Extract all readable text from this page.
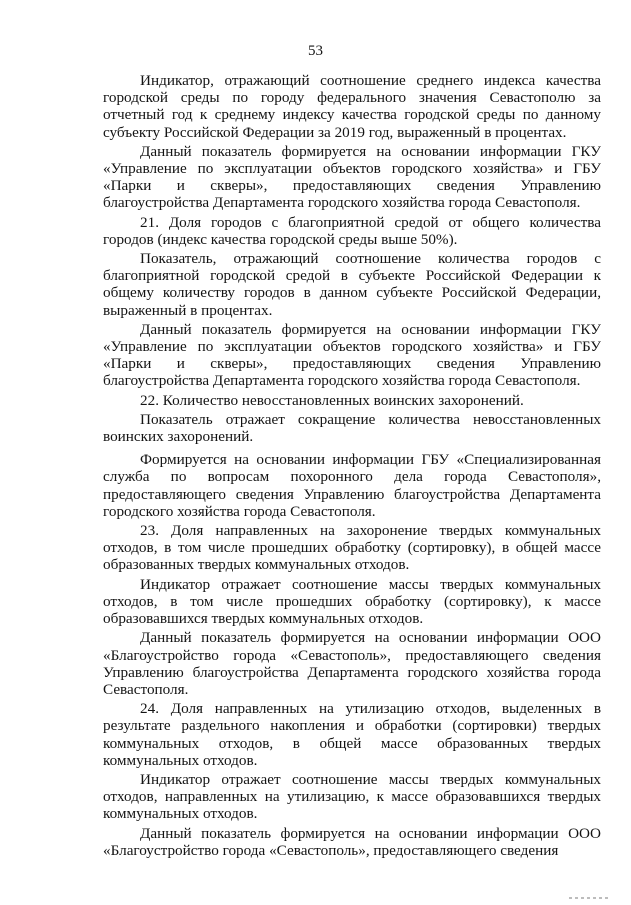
53

Индикатор, отражающий соотношение среднего индекса качества городской среды по городу федерального значения Севастополю за отчетный год к среднему индексу качества городской среды по данному субъекту Российской Федерации за 2019 год, выраженный в процентах.

Данный показатель формируется на основании информации ГКУ «Управление по эксплуатации объектов городского хозяйства» и ГБУ «Парки и скверы», предоставляющих сведения Управлению благоустройства Департамента городского хозяйства города Севастополя.

21. Доля городов с благоприятной средой от общего количества городов (индекс качества городской среды выше 50%).

Показатель, отражающий соотношение количества городов с благоприятной городской средой в субъекте Российской Федерации к общему количеству городов в данном субъекте Российской Федерации, выраженный в процентах.

Данный показатель формируется на основании информации ГКУ «Управление по эксплуатации объектов городского хозяйства» и ГБУ «Парки и скверы», предоставляющих сведения Управлению благоустройства Департамента городского хозяйства города Севастополя.

22. Количество невосстановленных воинских захоронений.

Показатель отражает сокращение количества невосстановленных воинских захоронений.

Формируется на основании информации ГБУ «Специализированная служба по вопросам похоронного дела города Севастополя», предоставляющего сведения Управлению благоустройства Департамента городского хозяйства города Севастополя.

23. Доля направленных на захоронение твердых коммунальных отходов, в том числе прошедших обработку (сортировку), в общей массе образованных твердых коммунальных отходов.

Индикатор отражает соотношение массы твердых коммунальных отходов, в том числе прошедших обработку (сортировку), к массе образовавшихся твердых коммунальных отходов.

Данный показатель формируется на основании информации ООО «Благоустройство города «Севастополь», предоставляющего сведения Управлению благоустройства Департамента городского хозяйства города Севастополя.

24. Доля направленных на утилизацию отходов, выделенных в результате раздельного накопления и обработки (сортировки) твердых коммунальных отходов, в общей массе образованных твердых коммунальных отходов.

Индикатор отражает соотношение массы твердых коммунальных отходов, направленных на утилизацию, к массе образовавшихся твердых коммунальных отходов.

Данный показатель формируется на основании информации ООО «Благоустройство города «Севастополь», предоставляющего сведения
